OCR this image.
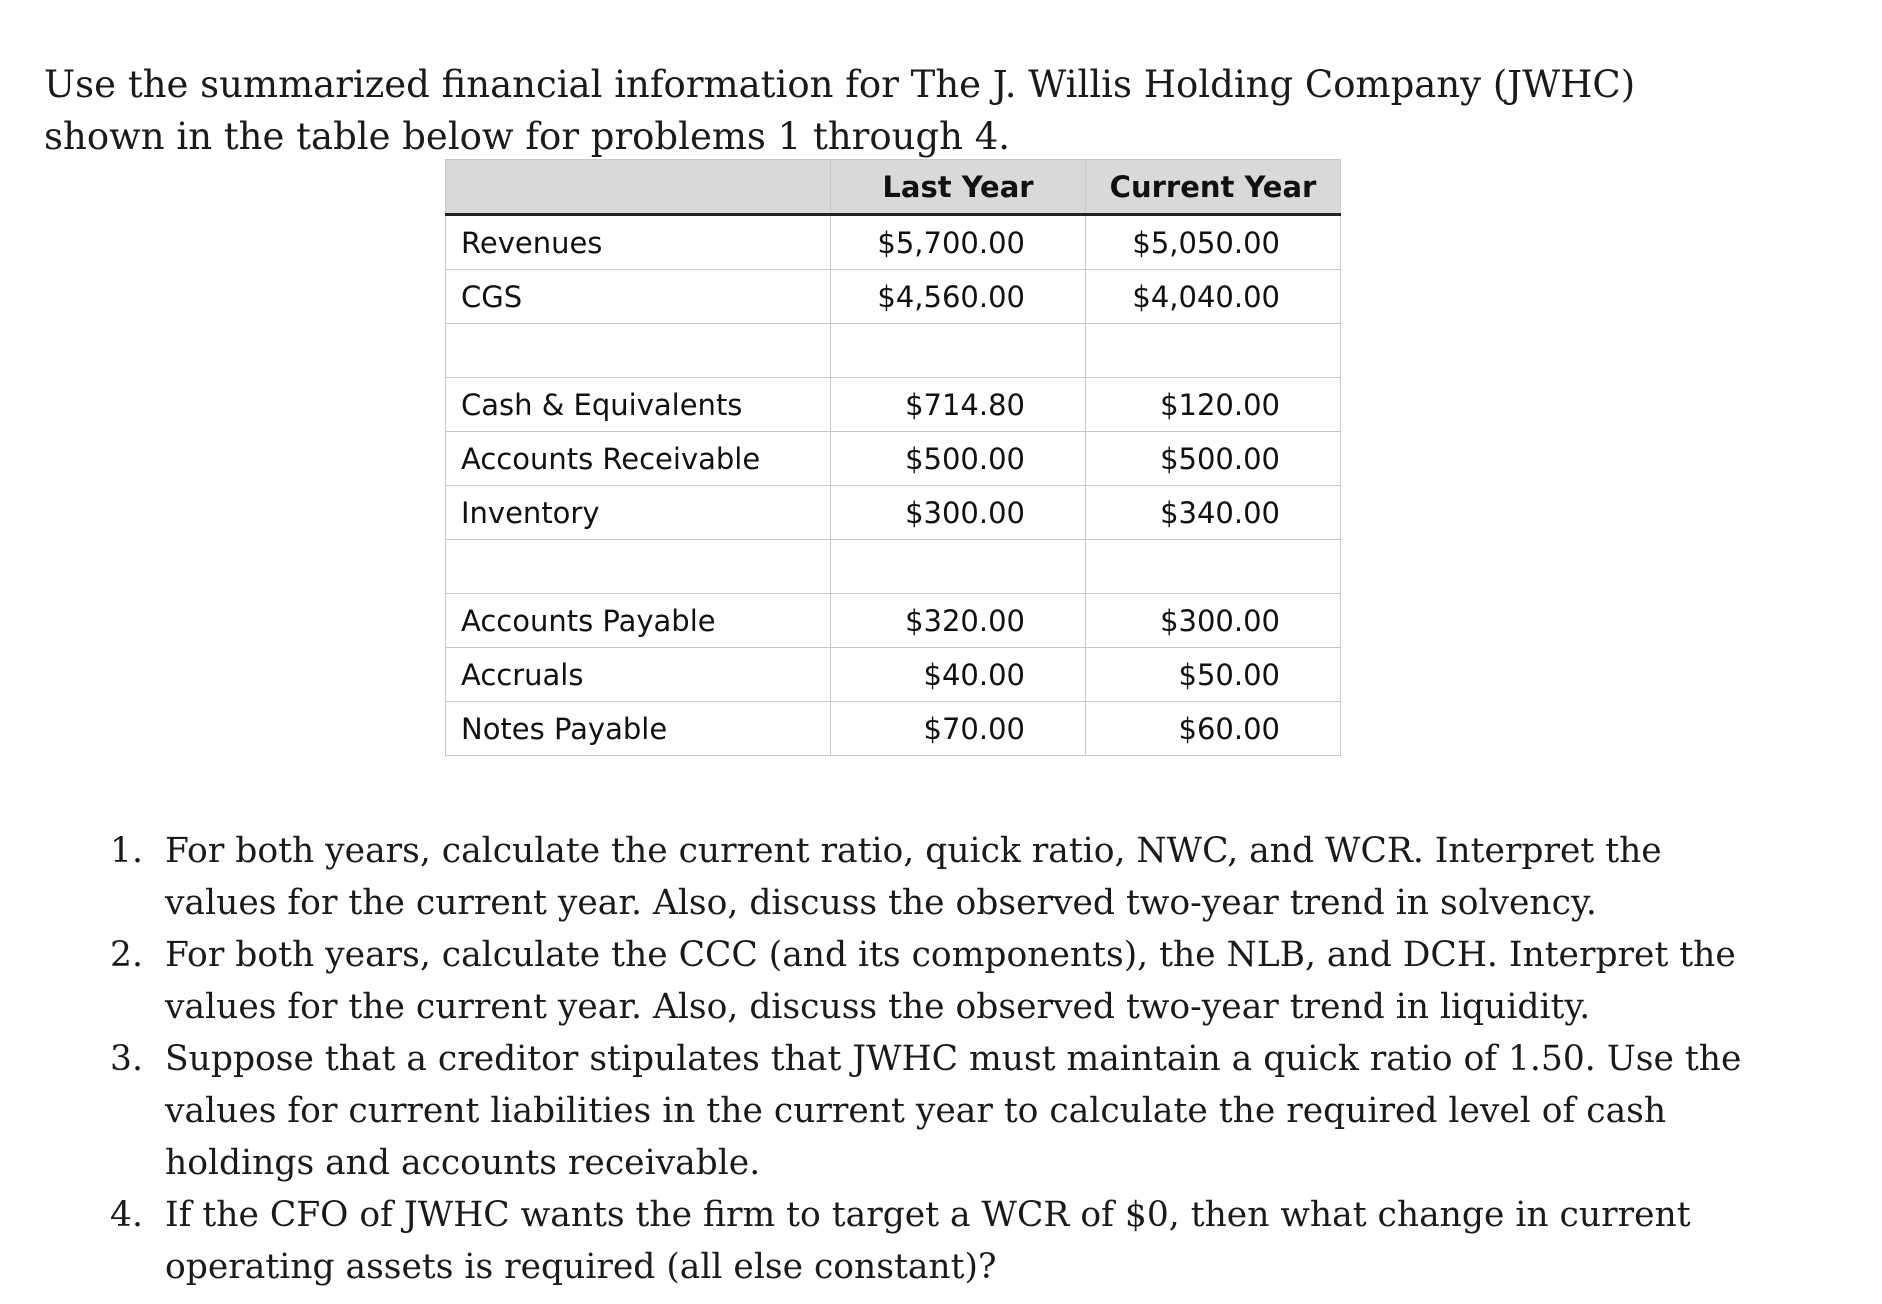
Use the summarized financial information for The J. Willis Holding Company (JWHC) shown in the table below for problems 1 through 4.

	Last Year	Current Year
Revenues	$5,700.00	$5,050.00
CGS	$4,560.00	$4,040.00

Cash & Equivalents	$714.80	$120.00
Accounts Receivable	$500.00	$500.00
Inventory	$300.00	$340.00

Accounts Payable	$320.00	$300.00
Accruals	$40.00	$50.00
Notes Payable	$70.00	$60.00
1. For both years, calculate the current ratio, quick ratio, NWC, and WCR. Interpret the values for the current year. Also, discuss the observed two-year trend in solvency.
2. For both years, calculate the CCC (and its components), the NLB, and DCH. Interpret the values for the current year. Also, discuss the observed two-year trend in liquidity.
3. Suppose that a creditor stipulates that JWHC must maintain a quick ratio of 1.50. Use the values for current liabilities in the current year to calculate the required level of cash holdings and accounts receivable.
4. If the CFO of JWHC wants the firm to target a WCR of $0, then what change in current operating assets is required (all else constant)?
